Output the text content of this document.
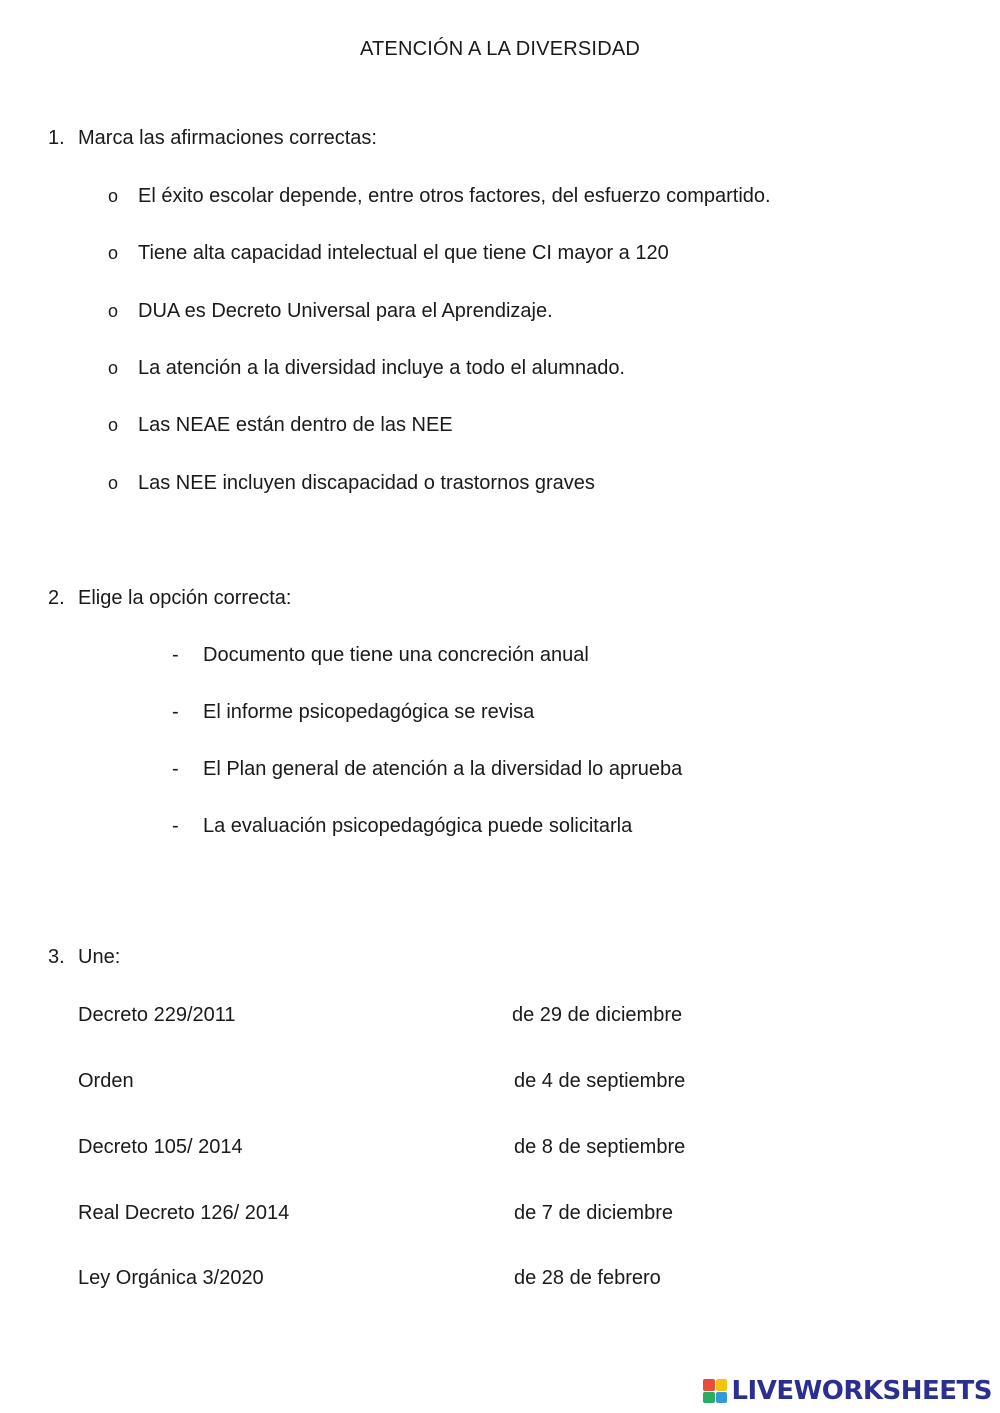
ATENCIÓN A LA DIVERSIDAD
1. Marca las afirmaciones correctas:
o El éxito escolar depende, entre otros factores, del esfuerzo compartido.
o Tiene alta capacidad intelectual el que tiene CI mayor a 120
o DUA es Decreto Universal para el Aprendizaje.
o La atención a la diversidad incluye a todo el alumnado.
o Las NEAE están dentro de las NEE
o Las NEE incluyen discapacidad o trastornos graves
2. Elige la opción correcta:
- Documento que tiene una concreción anual
- El informe psicopedagógica se revisa
- El Plan general de atención a la diversidad lo aprueba
- La evaluación psicopedagógica puede solicitarla
3. Une:
Decreto 229/2011	de 29 de diciembre
Orden	de 4 de septiembre
Decreto 105/ 2014	de 8 de septiembre
Real Decreto 126/ 2014	de 7 de diciembre
Ley Orgánica 3/2020	de 28 de febrero
LIVEWORKSHEETS
